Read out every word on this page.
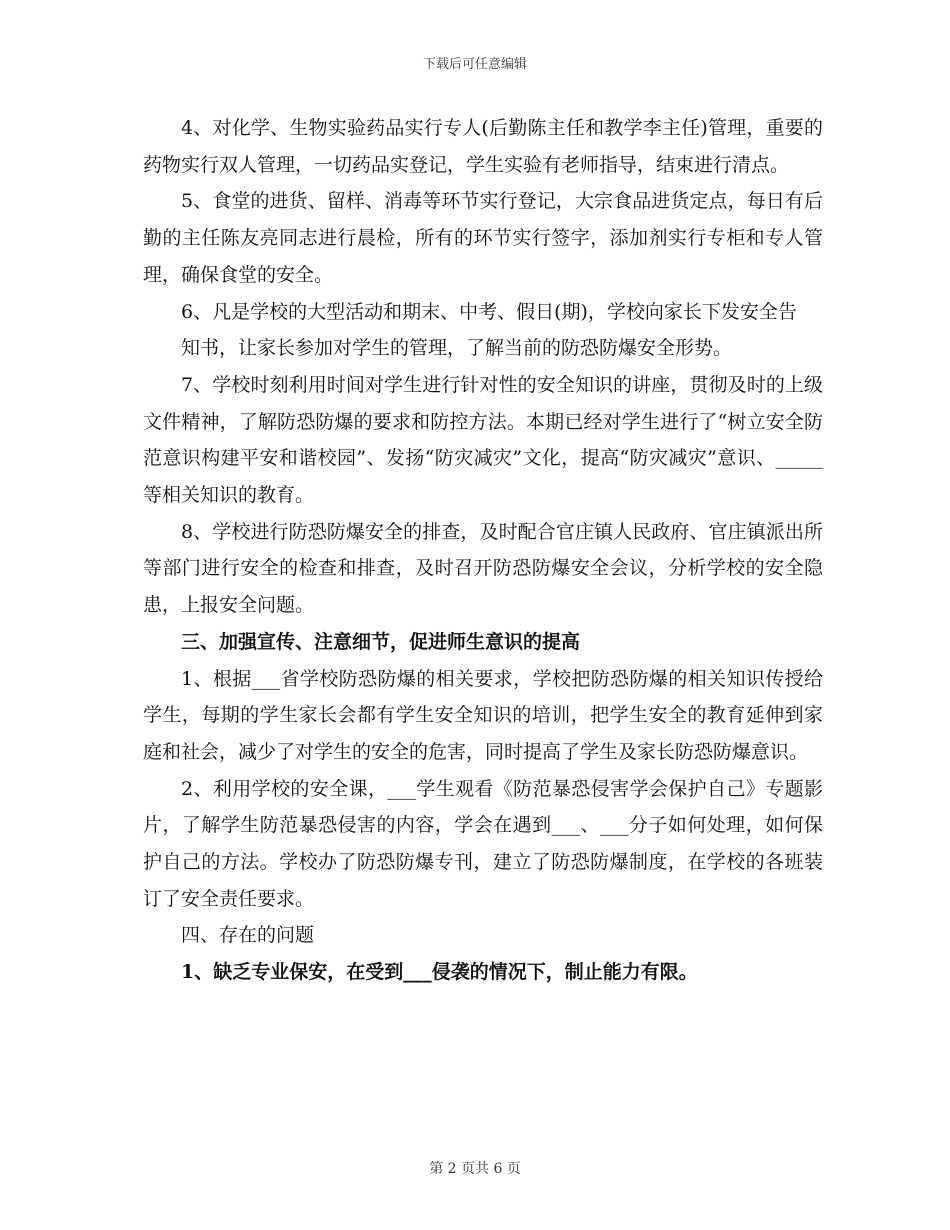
下载后可任意编辑

4、对化学、生物实验药品实行专人(后勤陈主任和教学李主任)管理，重要的药物实行双人管理，一切药品实登记，学生实验有老师指导，结束进行清点。

5、食堂的进货、留样、消毒等环节实行登记，大宗食品进货定点，每日有后勤的主任陈友亮同志进行晨检，所有的环节实行签字，添加剂实行专柜和专人管理，确保食堂的安全。

6、凡是学校的大型活动和期末、中考、假日(期)，学校向家长下发安全告

知书，让家长参加对学生的管理，了解当前的防恐防爆安全形势。

7、学校时刻利用时间对学生进行针对性的安全知识的讲座，贯彻及时的上级文件精神，了解防恐防爆的要求和防控方法。本期已经对学生进行了“树立安全防范意识构建平安和谐校园”、发扬“防灾减灾”文化，提高“防灾减灾”意识、_____等相关知识的教育。

8、学校进行防恐防爆安全的排查，及时配合官庄镇人民政府、官庄镇派出所等部门进行安全的检查和排查，及时召开防恐防爆安全会议，分析学校的安全隐患，上报安全问题。

三、加强宣传、注意细节，促进师生意识的提高

1、根据___省学校防恐防爆的相关要求，学校把防恐防爆的相关知识传授给学生，每期的学生家长会都有学生安全知识的培训，把学生安全的教育延伸到家庭和社会，减少了对学生的安全的危害，同时提高了学生及家长防恐防爆意识。

2、利用学校的安全课，___学生观看《防范暴恐侵害学会保护自己》专题影片，了解学生防范暴恐侵害的内容，学会在遇到___、___分子如何处理，如何保护自己的方法。学校办了防恐防爆专刊，建立了防恐防爆制度，在学校的各班装订了安全责任要求。

四、存在的问题

1、缺乏专业保安，在受到___侵袭的情况下，制止能力有限。

第 2 页共 6 页
